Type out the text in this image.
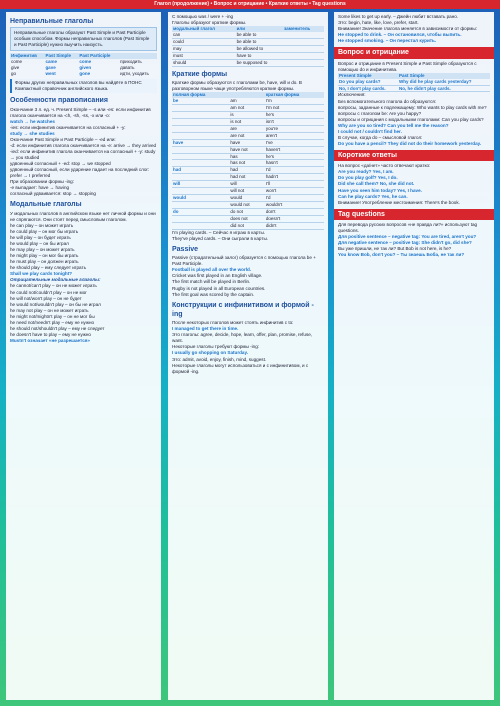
Глагол (продолжение) • Вопрос и отрицание • Краткие ответы • Tag questions
Неправильные глаголы
Неправильные глаголы образуют Past Simple и Past Participle особым способом. Формы неправильных глаголов (Past Simple и Past Participle) нужно выучить наизусть.
Инфинитив	Past Simple	Past Participle	
come	came	come	приходить
give	gave	given	давать
go	went	gone	идти, уходить
Формы других неправильных глаголов вы найдёте в ПОНС Компактный справочник английского языка.
Особенности правописания
Окончание 3 л. ед. ч. Present Simple – -s или -es: если инфинитив глагола оканчивается на -ch, -sh, -ss, -x или -o:
watch → he watches
-ies: если инфинитив оканчивается на согласный + -y:
study → she studies
Окончание Past Simple и Past Participle – -ed или:
-d: если инфинитив глагола оканчивается на -e: arrive → they arrived
-ied: если инфинитив глагола оканчивается на согласный + -y: study → you studied
удвоенный согласный + -ed: stop → we stopped
удвоенный согласный, если ударение падает на последний слог: prefer → I preferred
При образовании формы -ing:
-e выпадает: have → having
согласный удваивается: stop → stopping
Модальные глаголы
У модальных глаголов в английском языке нет личной формы и они не спрягаются. Они стоят перед смысловым глаголом.
he can play – он может играть
he could play – он мог бы играть
he will play – он будет играть
he would play – он бы играл
he may play – он может играть
he might play – он мог бы играть
he must play – он должен играть
he should play – ему следует играть
Shall we play cards tonight?
Отрицательные модальные глаголы:
he cannot/can't play – он не может играть
he could not/couldn't play – он не мог
he will not/won't play – он не будет
he would not/wouldn't play – он бы не играл
he may not play – он не может играть
he might not/mightn't play – он не мог бы
he need not/needn't play – ему не нужно
he should not/shouldn't play – ему не следует
he doesn't have to play – ему не нужно
Mustn't означает «не разрешается»
С помощью was / were + -ing
Глаголы образуют краткие формы.
модальный глагол	или	заменитель
can	be able to	
could	be able to	
may	be allowed to	
must	have to	
should	be supposed to	
Краткие формы
Краткие формы образуются с глаголами be, have, will и do. В разговорном языке чаще употребляются краткие формы.
полная форма		краткая форма
be	am	I'm
	am not	I'm not
	is	he's
	is not	isn't
	are	you're
	are not	aren't
have	have	I've
	have not	haven't
	has	he's
	has not	hasn't
had	had	I'd
	had not	hadn't
will	will	I'll
	will not	won't
would	would	I'd
	would not	wouldn't
do	do not	don't
	does not	doesn't
	did not	didn't
I'm playing cards. – Сейчас я играю в карты.
They've played cards. – Они сыграли в карты.
Passive
Passive (страдательный залог) образуется с помощью глагола be + Past Participle.
Football is played all over the world.
Cricket was first played in an English village.
The first match will be played in Berlin.
Rugby is not played in all European countries.
The first goal was scored by the captain.
Конструкции с инфинитивом и формой -ing
После некоторых глаголов может стоять инфинитив с to:
I managed to get there in time.
Это глаголы: agree, decide, hope, learn, offer, plan, promise, refuse, want.
Некоторые глаголы требуют формы -ing:
I usually go shopping on Saturday.
Это: admit, avoid, enjoy, finish, mind, suggest.
Некоторые глаголы могут использоваться и с инфинитивом, и с формой -ing.
Some likes to get up early. – Джейн любит вставать рано.
Это: begin, hate, like, love, prefer, start.
Внимание! Значение глагола меняется в зависимости от формы:
He stopped to drink. – Он остановился, чтобы выпить.
He stopped smoking. – Он перестал курить.
Вопрос и отрицание
Вопрос и отрицание в Present Simple и Past Simple образуются с помощью do и инфинитива.
Present Simple	Past Simple
Do you play cards?	Why did he play cards yesterday?
No, I don't play cards.	No, he didn't play cards.
Исключения:
Без вспомогательного глагола do образуются:
вопросы, заданные к подлежащему: Who wants to play cards with me?
вопросы с глаголом be: Are you happy?
вопросы и отрицания с модальными глаголами: Can you play cards?
Why are you so tired? Can you tell me the reason?
I could not / couldn't find her.
В случае, когда do – смысловой глагол:
Do you have a pencil? They did not do their homework yesterday.
Короткие ответы
На вопрос «да/нет» часто отвечают кратко:
Are you ready? Yes, I am.
Do you play golf? Yes, I do.
Did she call them? No, she did not.
Have you seen him today? Yes, I have.
Can he play cards? Yes, he can.
Внимание! Употребление местоимения: There's the book.
Tag questions
Для перевода русских вопросов «не правда ли?» используют tag questions.
Для positive sentence – negative tag: You are tired, aren't you?
Для negative sentence – positive tag: She didn't go, did she?
Вы уже пришли, не так ли? But Bob is not here, is he?
You know Bob, don't you? – Ты знаешь Боба, не так ли?
